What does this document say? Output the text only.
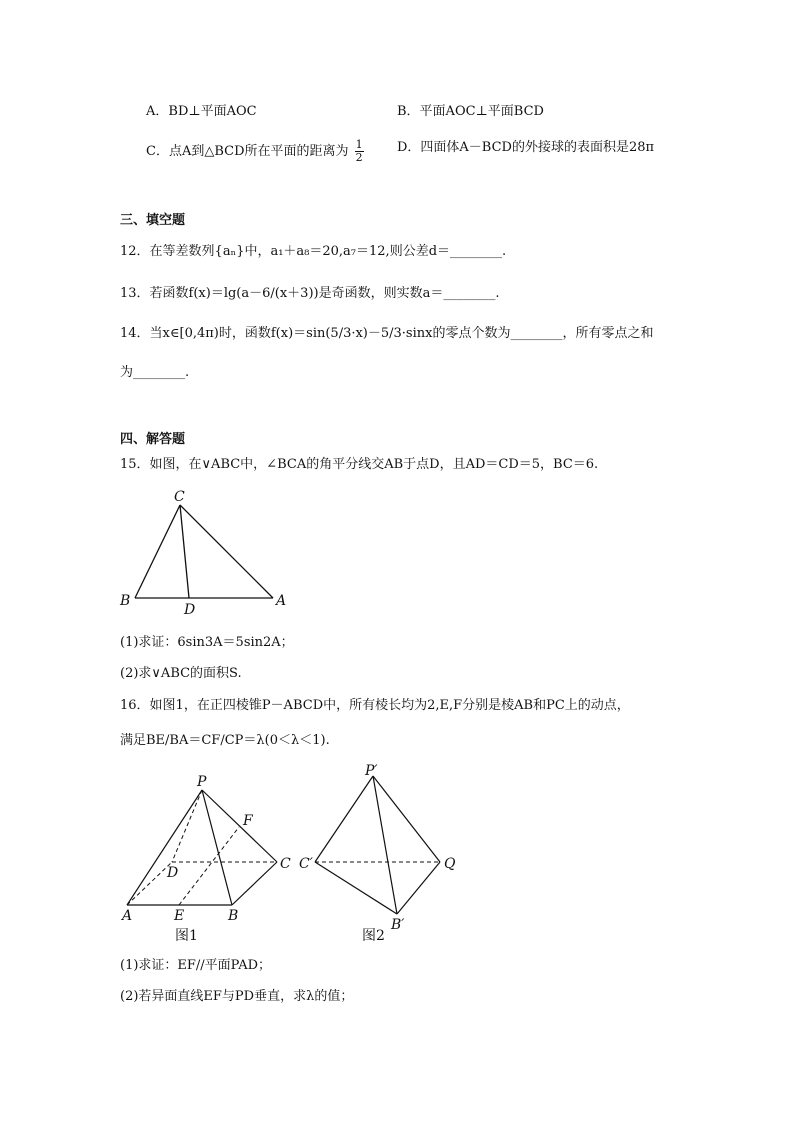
A．BD⊥平面AOC	B．平面AOC⊥平面BCD
C．点A到△BCD所在平面的距离为 $\frac{1}{2}$	D．四面体A－BCD的外接球的表面积是28π
三、填空题
12．在等差数列{aₙ}中，a₁＋a₈＝20,a₇＝12,则公差d＝________.
13．若函数f(x)＝lg(a－6/(x＋3))是奇函数，则实数a＝________.
14．当x∈[0,4π)时，函数f(x)＝sin(5/3·x)－5/3·sinx的零点个数为________，所有零点之和
为________.
四、解答题
15．如图，在∨ABC中，∠BCA的角平分线交AB于点D，且AD＝CD＝5，BC＝6.
C
B
D
A
(1)求证：6sin3A＝5sin2A；
(2)求∨ABC的面积S.
16．如图1，在正四棱锥P－ABCD中，所有棱长均为2,E,F分别是棱AB和PC上的动点，
满足BE/BA＝CF/CP＝λ(0＜λ＜1).
P
F
D
C
A	E	B
图1
P′
C′	Q
B′
图2
(1)求证：EF//平面PAD；
(2)若异面直线EF与PD垂直，求λ的值；
